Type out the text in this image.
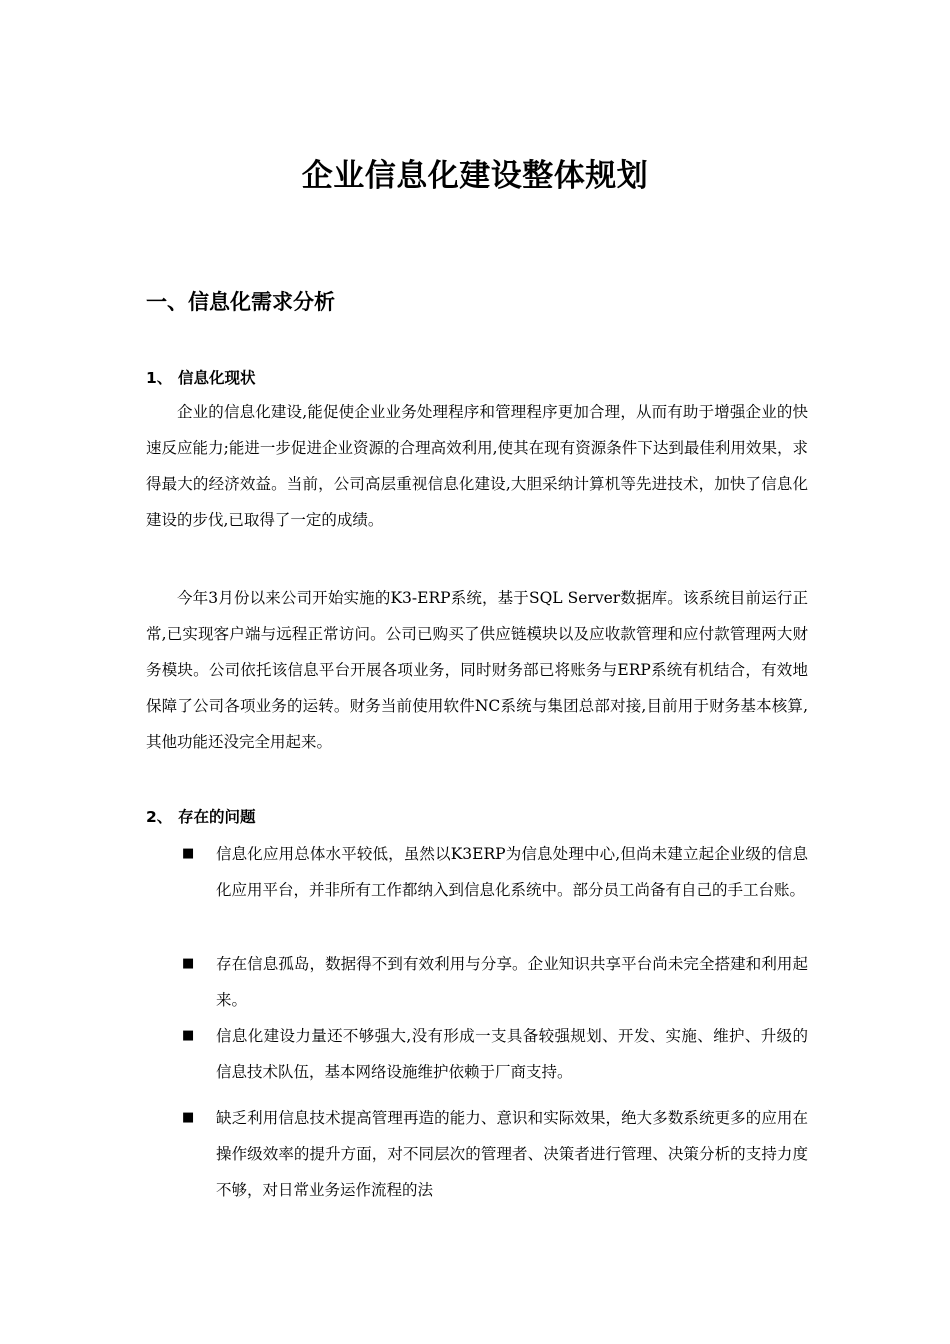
企业信息化建设整体规划
一、信息化需求分析
1、 信息化现状

企业的信息化建设,能促使企业业务处理程序和管理程序更加合理，从而有助于增强企业的快速反应能力;能进一步促进企业资源的合理高效利用,使其在现有资源条件下达到最佳利用效果，求得最大的经济效益。当前，公司高层重视信息化建设,大胆采纳计算机等先进技术，加快了信息化建设的步伐,已取得了一定的成绩。

今年3月份以来公司开始实施的K3-ERP系统，基于SQL Server数据库。该系统目前运行正常,已实现客户端与远程正常访问。公司已购买了供应链模块以及应收款管理和应付款管理两大财务模块。公司依托该信息平台开展各项业务，同时财务部已将账务与ERP系统有机结合，有效地保障了公司各项业务的运转。财务当前使用软件NC系统与集团总部对接,目前用于财务基本核算,其他功能还没完全用起来。

2、 存在的问题
■	信息化应用总体水平较低，虽然以K3ERP为信息处理中心,但尚未建立起企业级的信息化应用平台，并非所有工作都纳入到信息化系统中。部分员工尚备有自己的手工台账。
■	存在信息孤岛，数据得不到有效利用与分享。企业知识共享平台尚未完全搭建和利用起来。
■	信息化建设力量还不够强大,没有形成一支具备较强规划、开发、实施、维护、升级的信息技术队伍，基本网络设施维护依赖于厂商支持。
■	缺乏利用信息技术提高管理再造的能力、意识和实际效果，绝大多数系统更多的应用在操作级效率的提升方面，对不同层次的管理者、决策者进行管理、决策分析的支持力度不够，对日常业务运作流程的法
